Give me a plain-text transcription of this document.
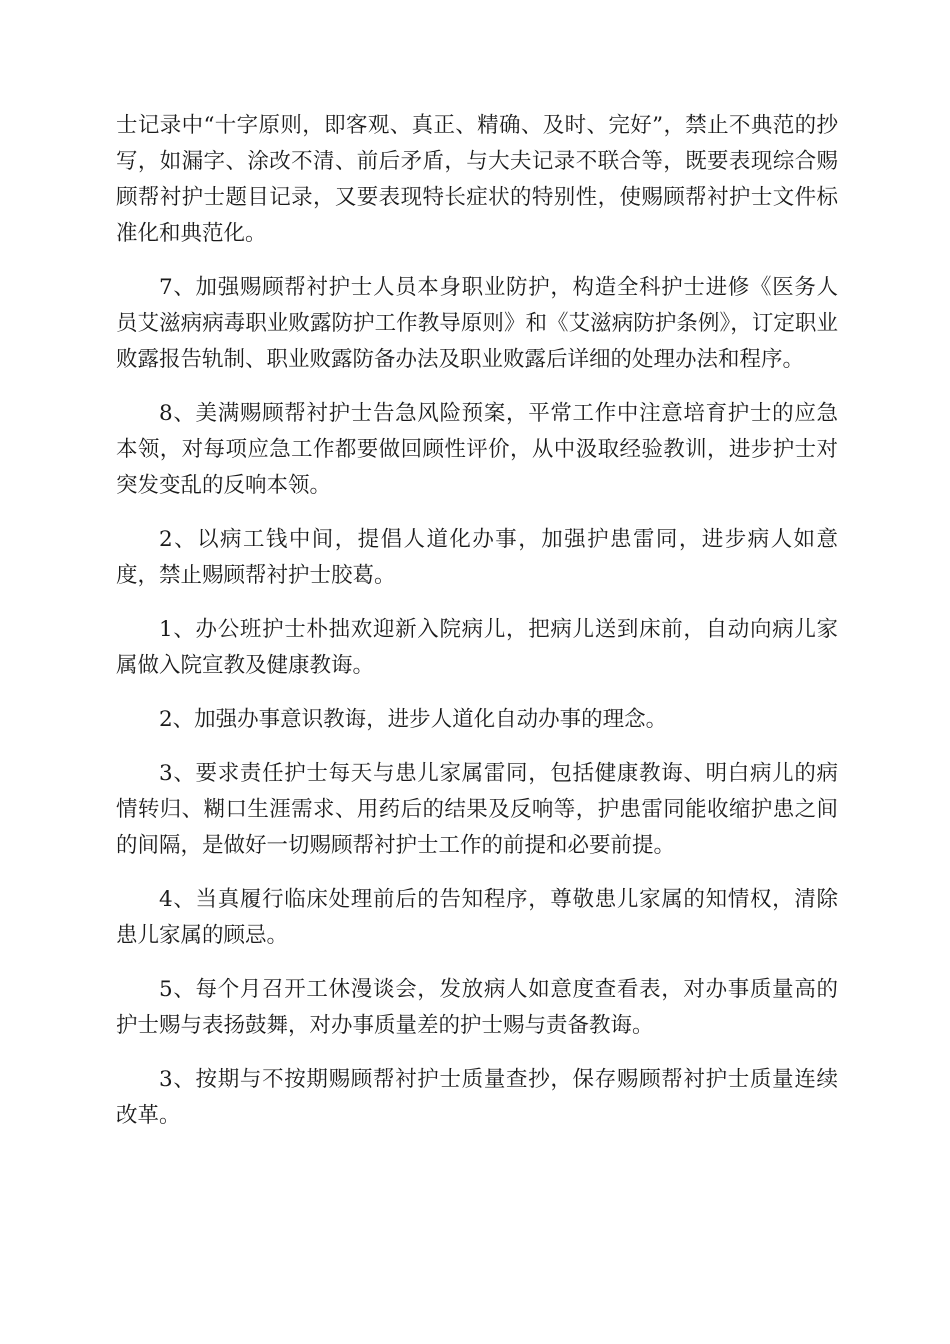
士记录中“十字原则，即客观、真正、精确、及时、完好”，禁止不典范的抄写，如漏字、涂改不清、前后矛盾，与大夫记录不联合等，既要表现综合赐顾帮衬护士题目记录，又要表现特长症状的特别性，使赐顾帮衬护士文件标准化和典范化。

7、加强赐顾帮衬护士人员本身职业防护，构造全科护士进修《医务人员艾滋病病毒职业败露防护工作教导原则》和《艾滋病防护条例》，订定职业败露报告轨制、职业败露防备办法及职业败露后详细的处理办法和程序。

8、美满赐顾帮衬护士告急风险预案，平常工作中注意培育护士的应急本领，对每项应急工作都要做回顾性评价，从中汲取经验教训，进步护士对突发变乱的反响本领。

2、以病工钱中间，提倡人道化办事，加强护患雷同，进步病人如意度，禁止赐顾帮衬护士胶葛。

1、办公班护士朴拙欢迎新入院病儿，把病儿送到床前，自动向病儿家属做入院宣教及健康教诲。

2、加强办事意识教诲，进步人道化自动办事的理念。

3、要求责任护士每天与患儿家属雷同，包括健康教诲、明白病儿的病情转归、糊口生涯需求、用药后的结果及反响等，护患雷同能收缩护患之间的间隔，是做好一切赐顾帮衬护士工作的前提和必要前提。

4、当真履行临床处理前后的告知程序，尊敬患儿家属的知情权，清除患儿家属的顾忌。

5、每个月召开工休漫谈会，发放病人如意度查看表，对办事质量高的护士赐与表扬鼓舞，对办事质量差的护士赐与责备教诲。

3、按期与不按期赐顾帮衬护士质量查抄，保存赐顾帮衬护士质量连续改革。
